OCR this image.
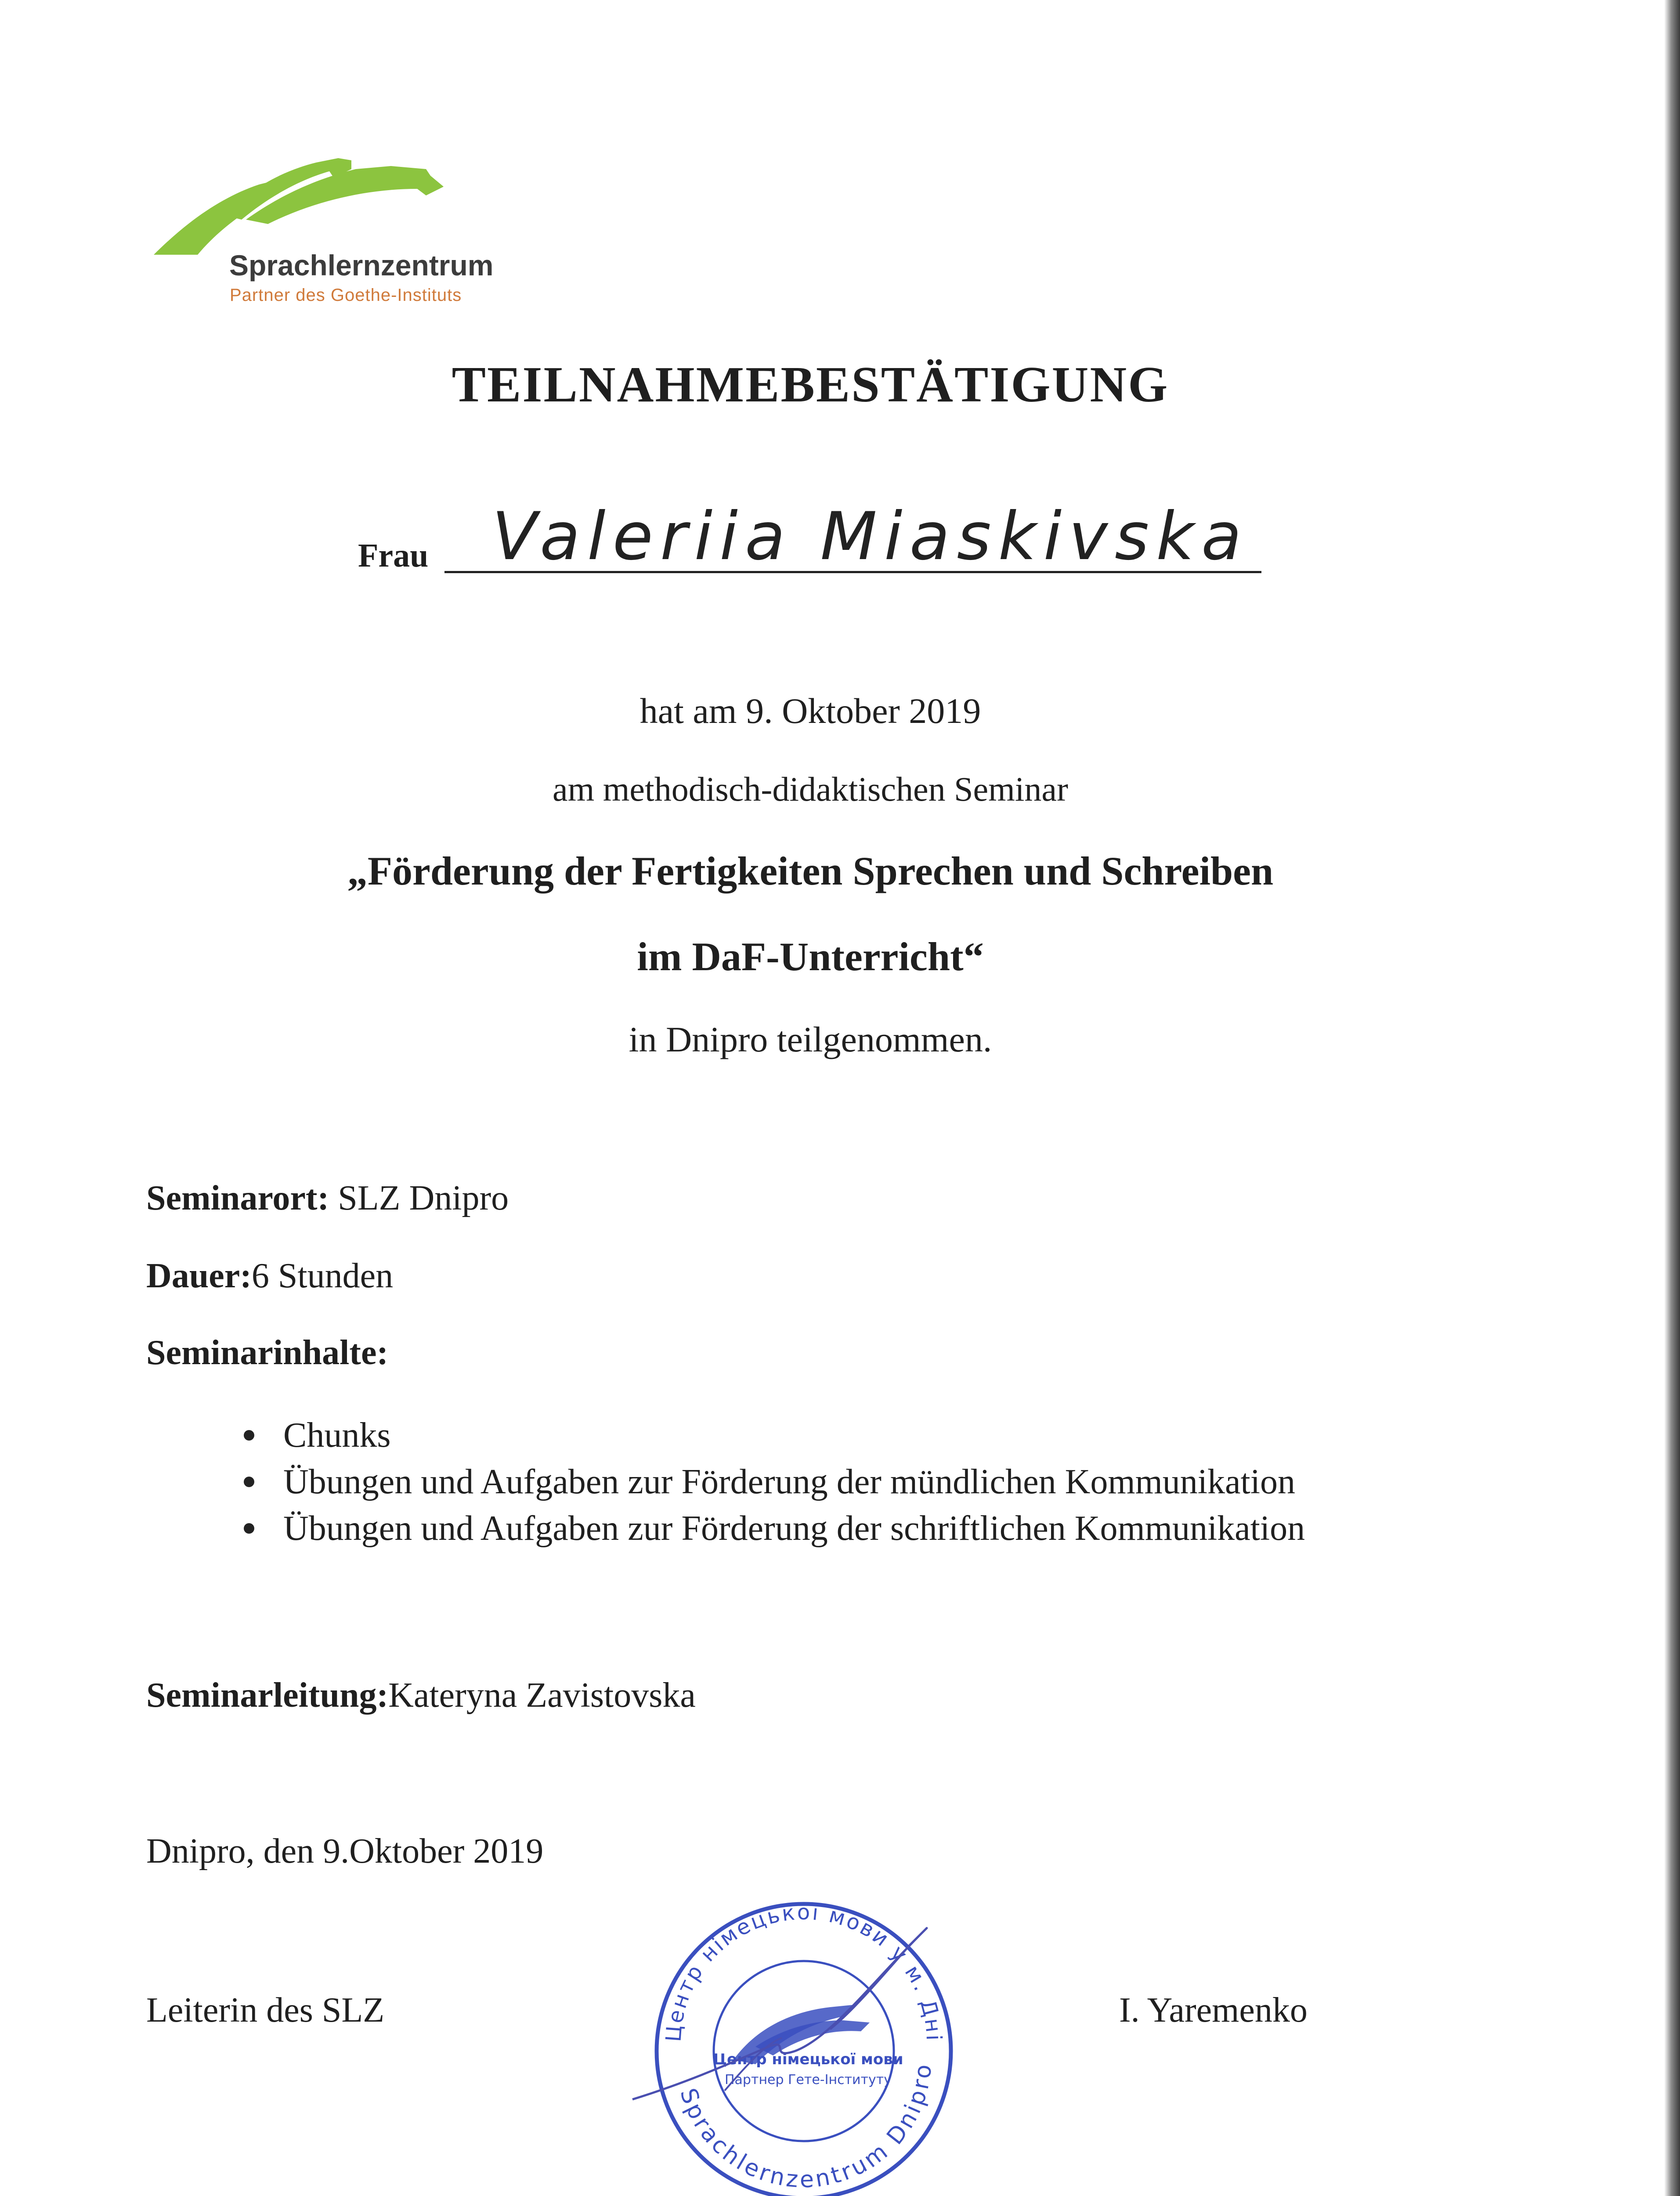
Sprachlernzentrum
Partner des Goethe-Instituts
TEILNAHMEBESTÄTIGUNG
Frau Valeriia Miaskivska
hat am 9. Oktober 2019
am methodisch-didaktischen Seminar
„Förderung der Fertigkeiten Sprechen und Schreiben
im DaF-Unterricht“
in Dnipro teilgenommen.
Seminarort: SLZ Dnipro
Dauer:6 Stunden
Seminarinhalte:
Chunks
Übungen und Aufgaben zur Förderung der mündlichen Kommunikation
Übungen und Aufgaben zur Förderung der schriftlichen Kommunikation
Seminarleitung:Kateryna Zavistovska
Dnipro, den 9.Oktober 2019
Leiterin des SLZ	I. Yaremenko
Центр німецької мови у м. Дні
Sprachlernzentrum Dnipro
Центр німецької мови
Партнер Гете-Інституту
